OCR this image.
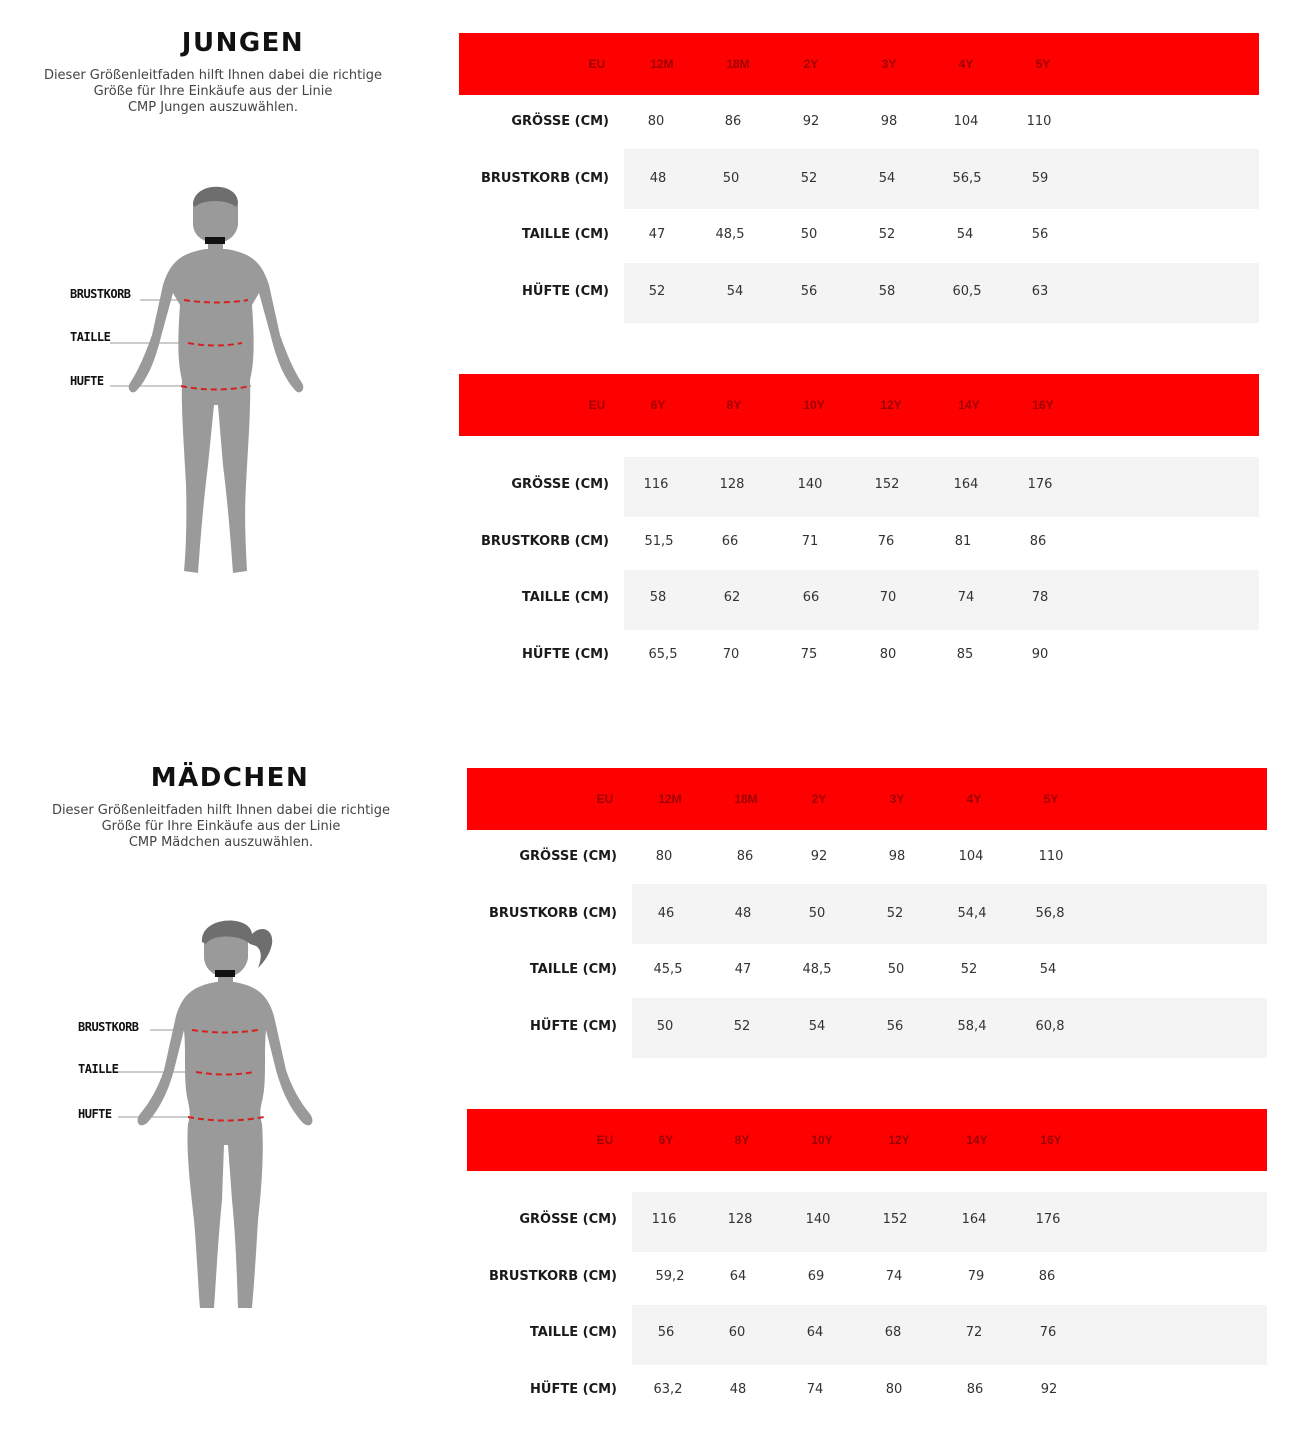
JUNGEN
Dieser Größenleitfaden hilft Ihnen dabei die richtige
Größe für Ihre Einkäufe aus der Linie
CMP Jungen auszuwählen.
BRUSTKORB
TAILLE
HUFTE
EU	12M	18M	2Y	3Y	4Y	5Y
GRÖSSE (CM)	80	86	92	98	104	110
BRUSTKORB (CM)	48	50	52	54	56,5	59
TAILLE (CM)	47	48,5	50	52	54	56
HÜFTE (CM)	52	54	56	58	60,5	63
EU	6Y	8Y	10Y	12Y	14Y	16Y
GRÖSSE (CM)	116	128	140	152	164	176
BRUSTKORB (CM)	51,5	66	71	76	81	86
TAILLE (CM)	58	62	66	70	74	78
HÜFTE (CM)	65,5	70	75	80	85	90
MÄDCHEN
Dieser Größenleitfaden hilft Ihnen dabei die richtige
Größe für Ihre Einkäufe aus der Linie
CMP Mädchen auszuwählen.
BRUSTKORB
TAILLE
HUFTE
EU	12M	18M	2Y	3Y	4Y	5Y
GRÖSSE (CM)	80	86	92	98	104	110
BRUSTKORB (CM)	46	48	50	52	54,4	56,8
TAILLE (CM)	45,5	47	48,5	50	52	54
HÜFTE (CM)	50	52	54	56	58,4	60,8
EU	6Y	8Y	10Y	12Y	14Y	16Y
GRÖSSE (CM)	116	128	140	152	164	176
BRUSTKORB (CM)	59,2	64	69	74	79	86
TAILLE (CM)	56	60	64	68	72	76
HÜFTE (CM)	63,2	48	74	80	86	92
